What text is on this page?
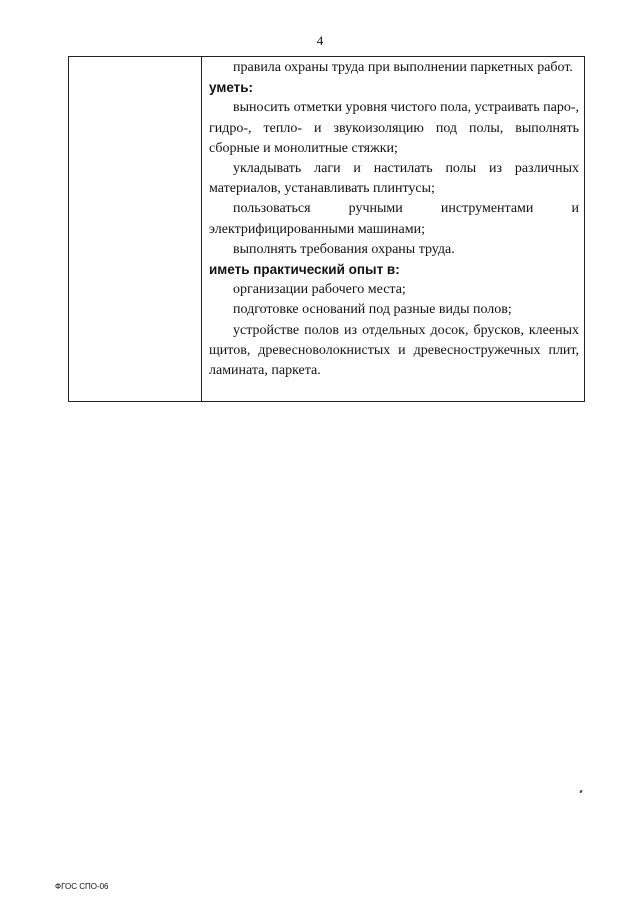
4

правила охраны труда при выполнении паркетных работ.

уметь:

выносить отметки уровня чистого пола, устраивать паро-, гидро-, тепло- и звукоизоляцию под полы, выполнять сборные и монолитные стяжки;

укладывать лаги и настилать полы из различных материалов, устанавливать плинтусы;

пользоваться ручными инструментами и электрифицированными машинами;

выполнять требования охраны труда.

иметь практический опыт в:

организации рабочего места;

подготовке оснований под разные виды полов;

устройстве полов из отдельных досок, брусков, клееных щитов, древесноволокнистых и древесностружечных плит, ламината, паркета.

ФГОС СПО-06
